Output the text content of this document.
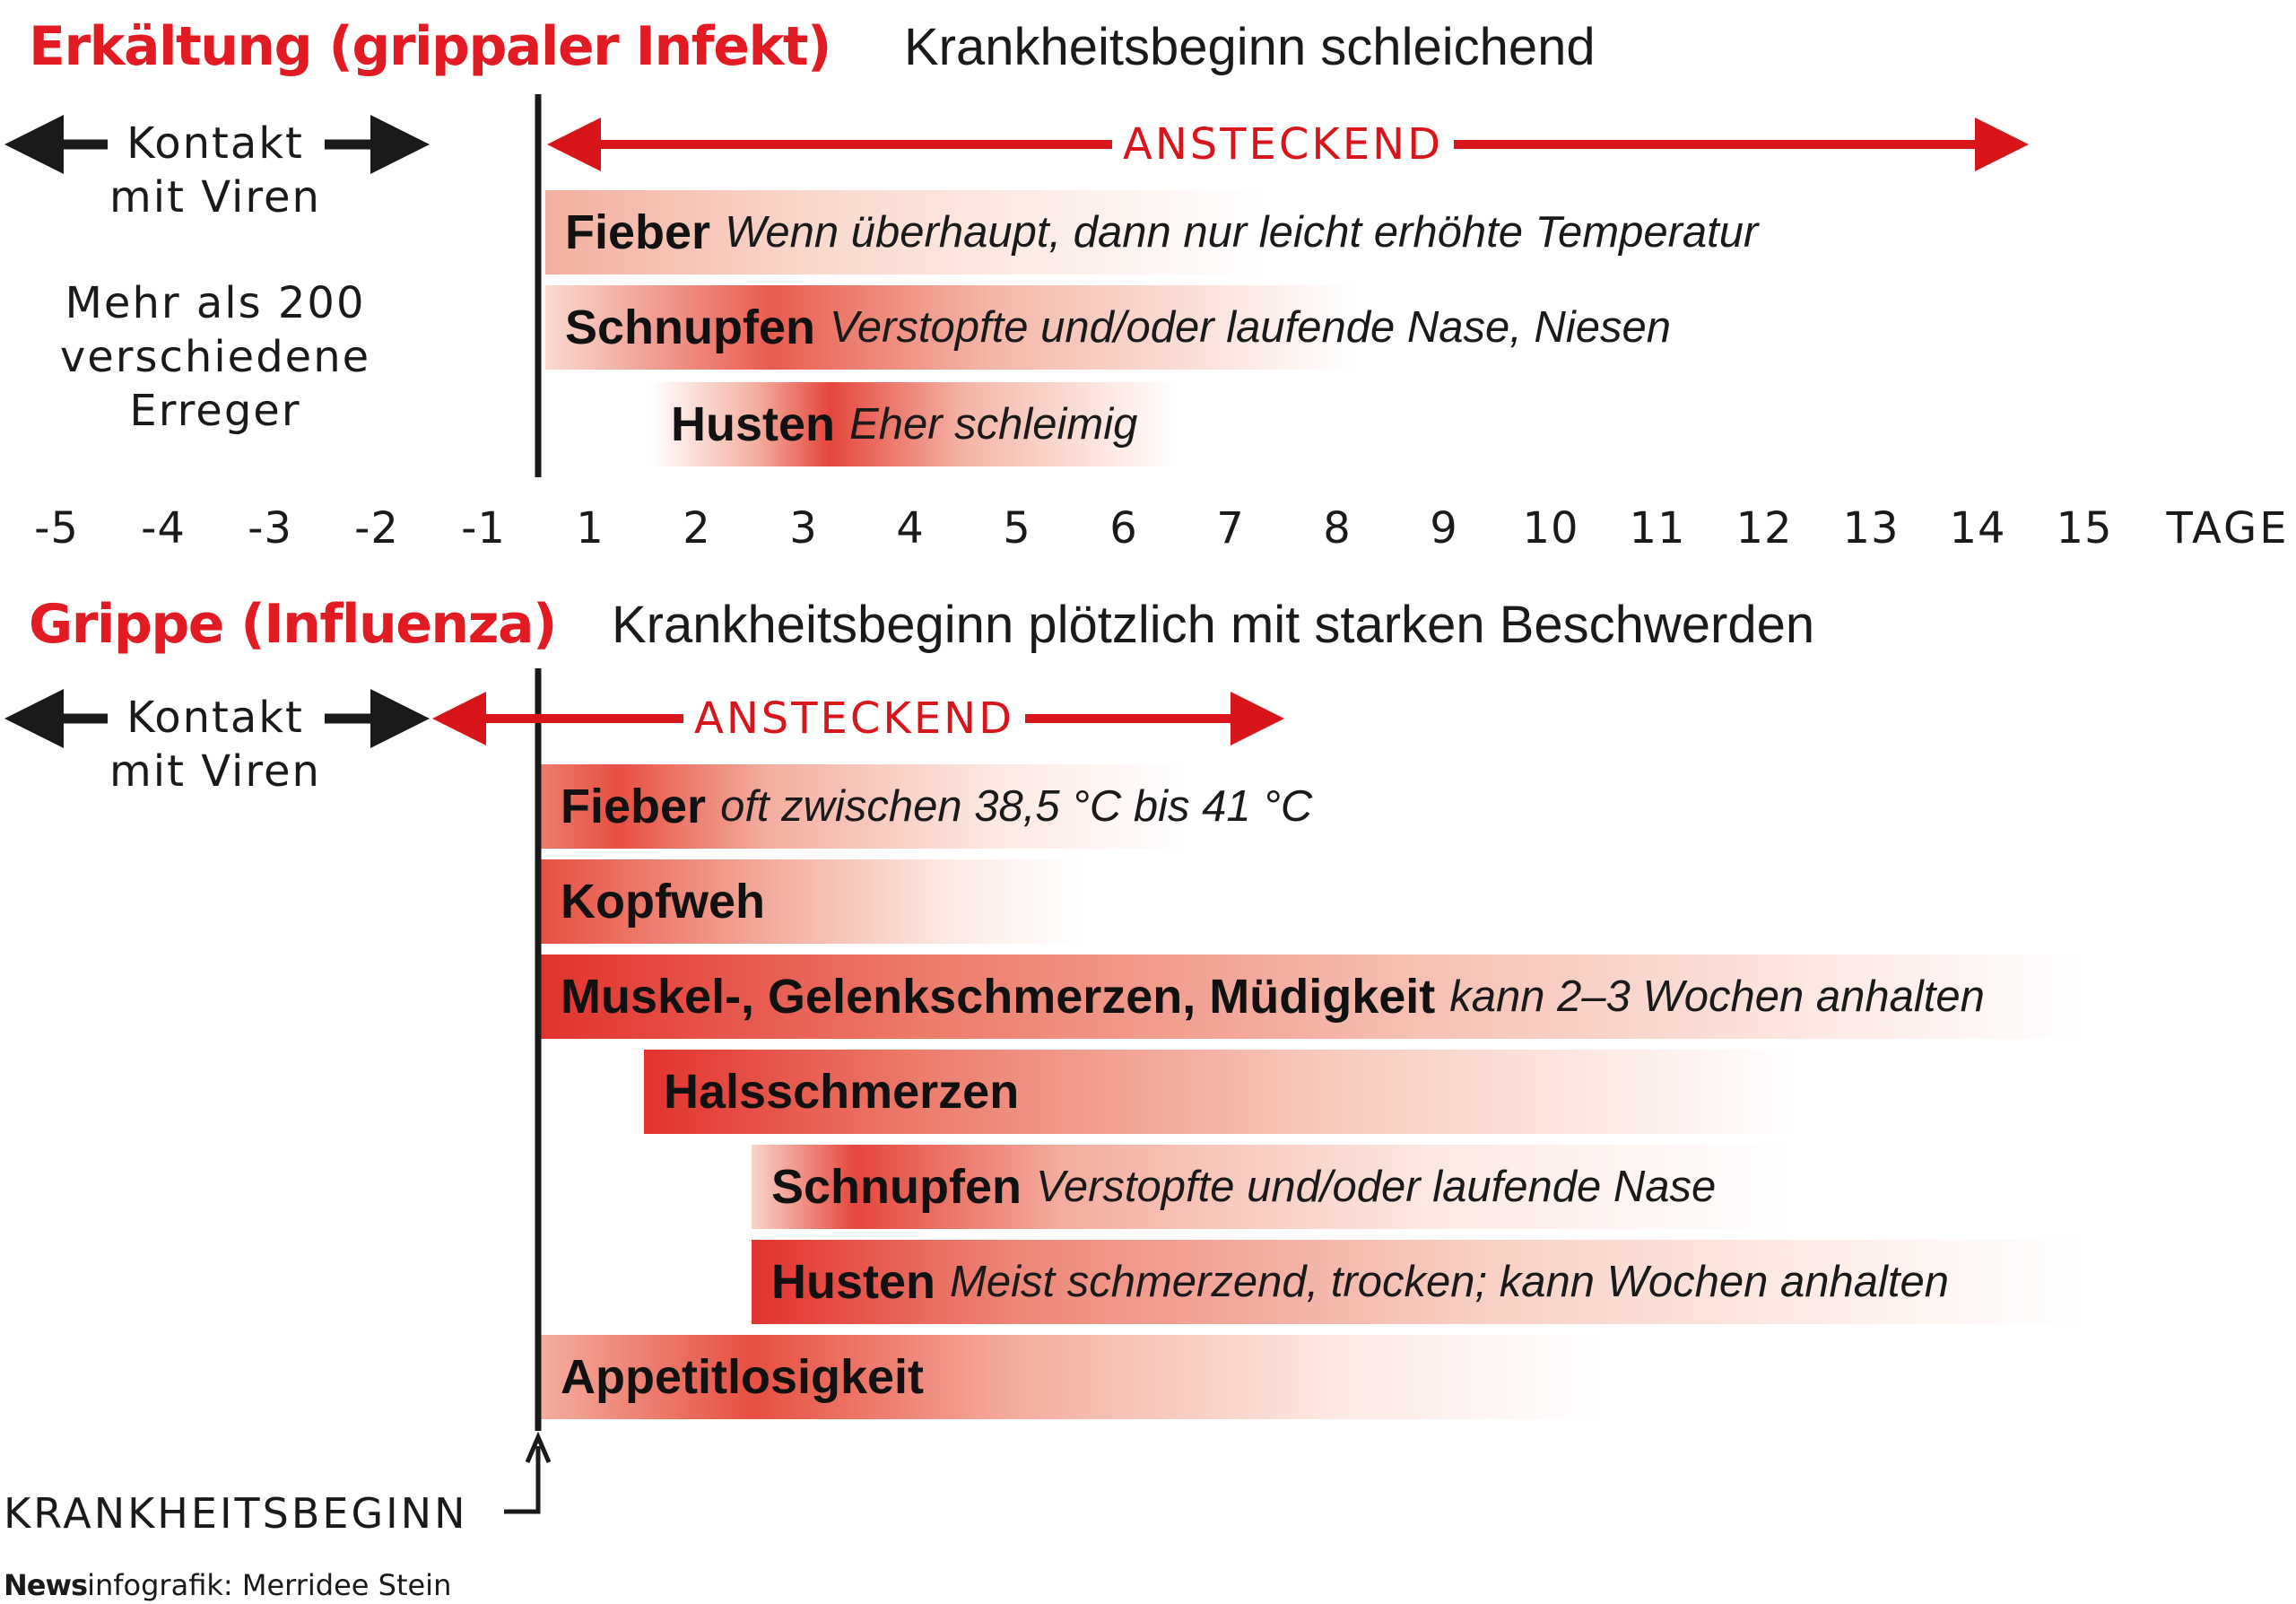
Erkältung (grippaler Infekt) Krankheitsbeginn schleichend
Kontakt
mit Viren
Mehr als 200
verschiedene
Erreger
Fieber Wenn überhaupt, dann nur leicht erhöhte Temperatur
Schnupfen Verstopfte und/oder laufende Nase, Niesen
Husten Eher schleimig
-5	-4	-3	-2	-1	1	2	3	4	5	6	7	8	9	10	11	12	13	14	15	TAGE
Grippe (Influenza) Krankheitsbeginn plötzlich mit starken Beschwerden
Kontakt
mit Viren
Fieber oft zwischen 38,5 °C bis 41 °C
Kopfweh
Muskel-, Gelenkschmerzen, Müdigkeit kann 2–3 Wochen anhalten
Halsschmerzen
Schnupfen Verstopfte und/oder laufende Nase
Husten Meist schmerzend, trocken; kann Wochen anhalten
Appetitlosigkeit
ANSTECKEND
ANSTECKEND
KRANKHEITSBEGINN
Newsinfografik: Merridee Stein
